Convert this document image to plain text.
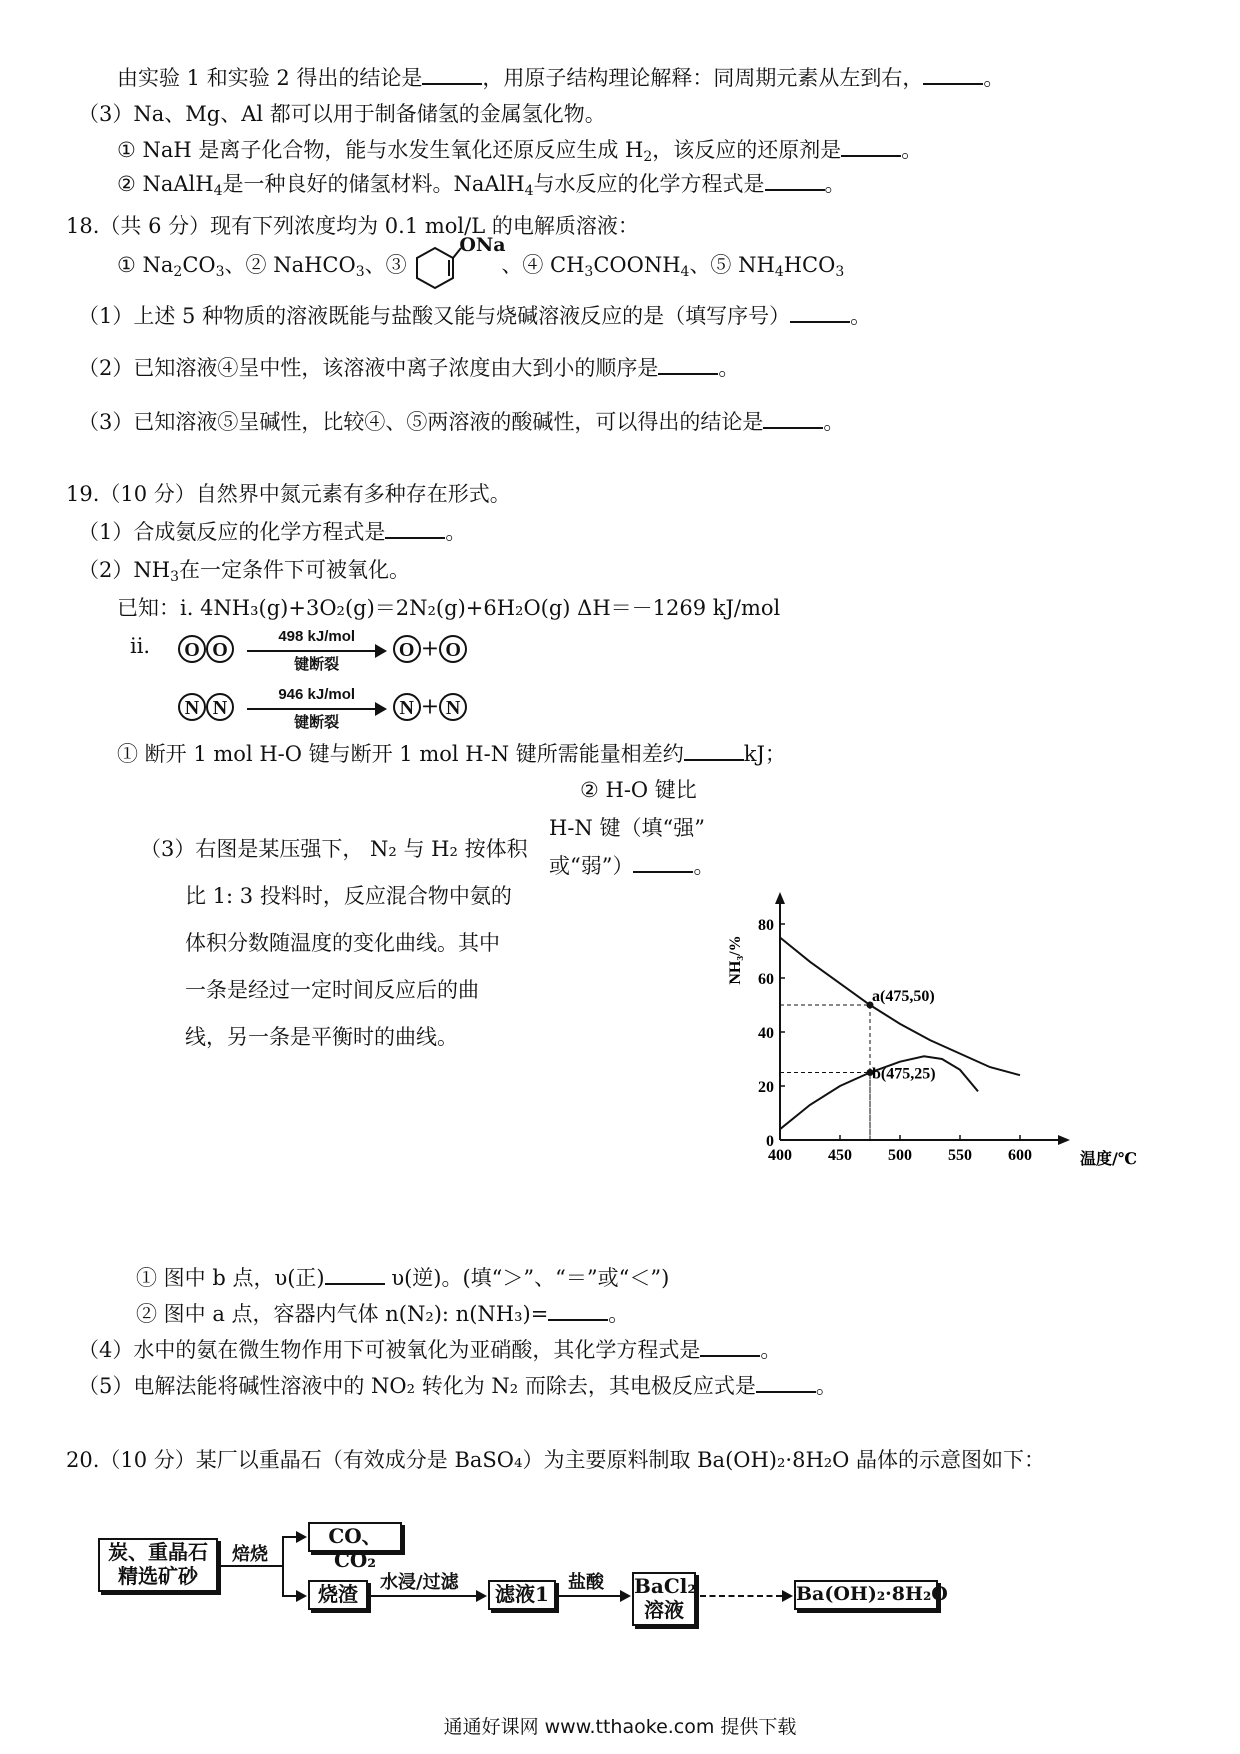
由实验 1 和实验 2 得出的结论是	，用原子结构理论解释：同周期元素从左到右，	。
（3）Na、Mg、Al 都可以用于制备储氢的金属氢化物。
① NaH 是离子化合物，能与水发生氧化还原反应生成 $H_2$，该反应的还原剂是	。
② NaAlH$_4$是一种良好的储氢材料。NaAlH$_4$与水反应的化学方程式是	。
18.（共 6 分）现有下列浓度均为 0.1 mol/L 的电解质溶液：
① $Na_2CO_3$、② NaHCO$_3$、③
ONa
、④ $CH_3COONH_4$、⑤ $NH_4HCO_3$
（1）上述 5 种物质的溶液既能与盐酸又能与烧碱溶液反应的是（填写序号）	。
（2）已知溶液④呈中性，该溶液中离子浓度由大到小的顺序是	。
（3）已知溶液⑤呈碱性，比较④、⑤两溶液的酸碱性，可以得出的结论是	。
19.（10 分）自然界中氮元素有多种存在形式。
（1）合成氨反应的化学方程式是	。
$(2)NH_3$在一定条件下可被氧化。
已知：ⅰ. 4NH₃(g)+3O₂(g)＝2N₂(g)+6H₂O(g) ΔH＝－1269 kJ/mol
ⅱ.	O O
498 kJ/mol
键断裂
O + O
N N
946 kJ/mol
键断裂
N + N
① 断开 1 mol H-O 键与断开 1 mol H-N 键所需能量相差约	kJ；
② H-O 键比
H-N 键（填“强”
或“弱”）	。
（3）右图是某压强下， N₂ 与 H₂ 按体积
比 1: 3 投料时，反应混合物中氨的
体积分数随温度的变化曲线。其中
一条是经过一定时间反应后的曲
线，另一条是平衡时的曲线。
400 450 500 550 600
0
20
40
60
80
温度/℃
NH₃/%
a(475,50)
b(475,25)
① 图中 b 点，υ(正)	υ(逆)。(填“＞”、“＝”或“＜”)
② 图中 a 点，容器内气体 n(N₂): n(NH₃)=	。
（4）水中的氨在微生物作用下可被氧化为亚硝酸，其化学方程式是	。
（5）电解法能将碱性溶液中的 NO₂ 转化为 N₂ 而除去，其电极反应式是	。
20.（10 分）某厂以重晶石（有效成分是 BaSO₄）为主要原料制取 Ba(OH)₂·8H₂O 晶体的示意图如下：
炭、重晶石
精选矿砂
焙烧
CO、CO₂
烧渣	水浸/过滤	滤液1	盐酸 BaCl₂
溶液
Ba(OH)₂·8H₂O
通通好课网 www.tthaoke.com 提供下载
